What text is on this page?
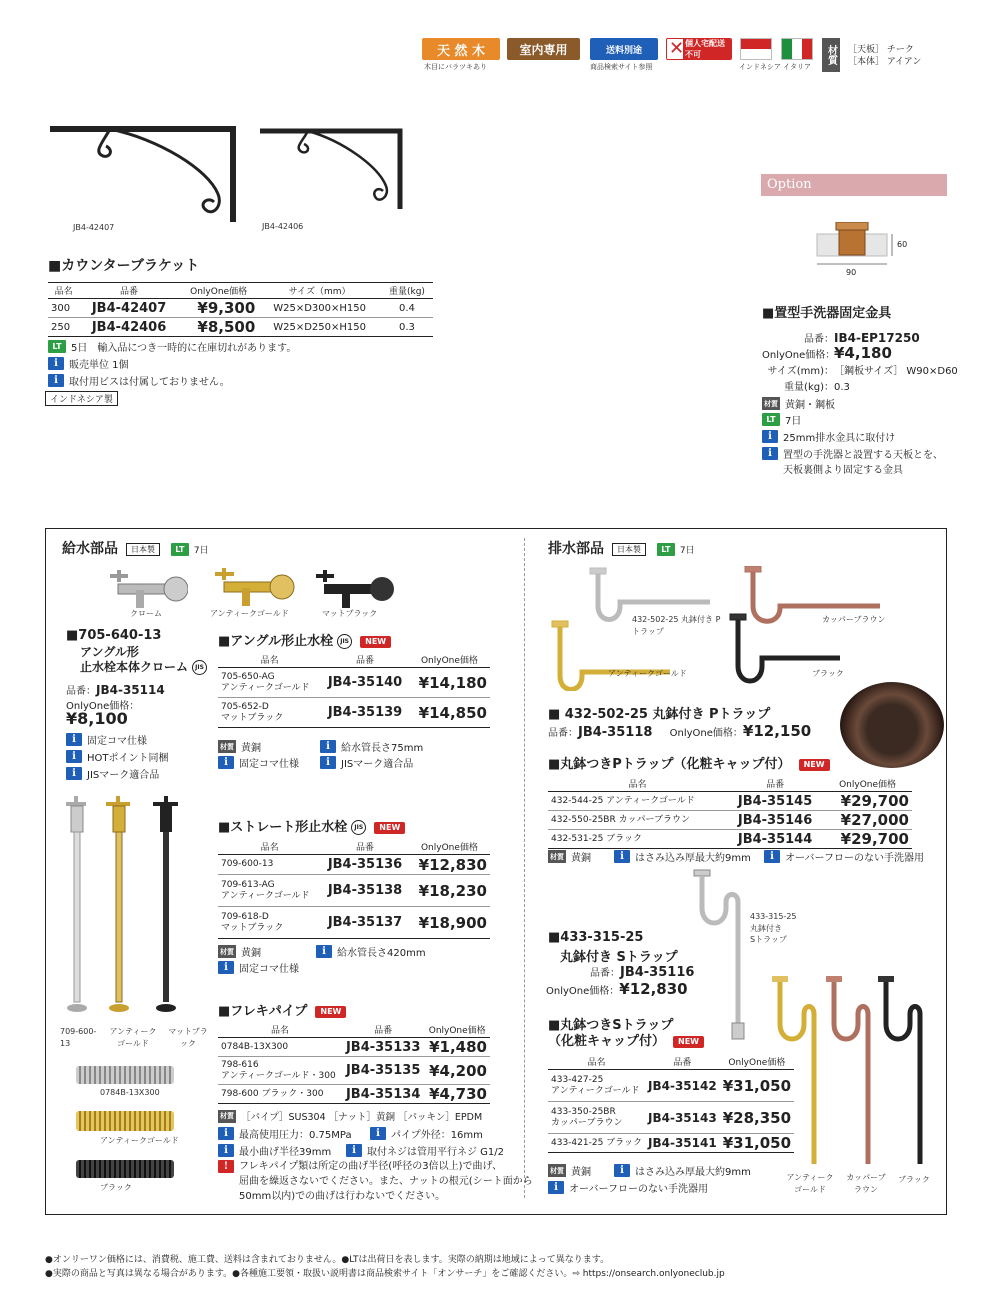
天 然 木
木目にバラツキあり
室内専用	送料別途
商品検索サイト参照
✕ 個人宅配送不可
インドネシア イタリア
材質	［天板］ チーク
［本体］ アイアン
JB4-42407	JB4-42406
■カウンターブラケット
品名	品番	OnlyOne価格	サイズ（mm）	重量(kg)
300	JB4-42407	¥9,300	W25×D300×H150	0.4
250	JB4-42406	¥8,500	W25×D250×H150	0.3
LT 5日　輸入品につき一時的に在庫切れがあります。
i	販売単位 1個
i	取付用ビスは付属しておりません。
インドネシア製
Option
60
90
■置型手洗器固定金具
品番：IB4-EP17250
OnlyOne価格：¥4,180
サイズ(mm)：［鋼板サイズ］ W90×D60
重量(kg)：0.3
材質 黄銅・鋼板
LT 7日
i	25mm排水金具に取付け
i	置型の手洗器と設置する天板とを、
天板裏側より固定する金具
給水部品 日本製	LT 7日
クローム	アンティークゴールド	マットブラック
■705-640-13
アングル形
止水栓本体クローム JIS
品番：JB4-35114
OnlyOne価格：
¥8,100
i	固定コマ仕様
i	HOTポイント同梱
i	JISマーク適合品
■アングル形止水栓 JIS NEW
品名	品番	OnlyOne価格

705-650-AG
アンティークゴールド	JB4-35140	¥14,180

705-652-D
マットブラック	JB4-35139	¥14,850
材質 黄銅	i	給水管長さ75mm
i	固定コマ仕様	i	JISマーク適合品
709-600-13
アンティークゴールド
マットブラック
0784B-13X300
アンティークゴールド
ブラック
■ストレート形止水栓 JIS NEW
品名	品番	OnlyOne価格
709-600-13	JB4-35136	¥12,830

709-613-AG
アンティークゴールド	JB4-35138	¥18,230

709-618-D
マットブラック	JB4-35137	¥18,900
材質 黄銅	i	給水管長さ420mm
i	固定コマ仕様
■フレキパイプ NEW
品名	品番	OnlyOne価格
0784B-13X300	JB4-35133	¥1,480

798-616
アンティークゴールド・300	JB4-35135	¥4,200
798-600 ブラック・300	JB4-35134	¥4,730
材質 ［パイプ］SUS304 ［ナット］黄銅 ［パッキン］EPDM
i	最高使用圧力：0.75MPa	i	パイプ外径：16mm
i	最小曲げ半径39mm	i	取付ネジは管用平行ネジ G1/2
!	フレキパイプ類は所定の曲げ半径(呼径の3倍以上)で曲げ、
屈曲を繰返さないでください。また、ナットの根元(シート面から
50mm以内)での曲げは行わないでください。
排水部品 日本製	LT 7日
432-502-25 丸鉢付き Pトラップ
カッパーブラウン
アンティークゴールド	ブラック
■ 432-502-25 丸鉢付き Pトラップ
品番：JB4-35118 OnlyOne価格：¥12,150
■丸鉢つきPトラップ（化粧キャップ付） NEW
品名	品番	OnlyOne価格
432-544-25 アンティークゴールド	JB4-35145	¥29,700
432-550-25BR カッパーブラウン	JB4-35146	¥27,000
432-531-25 ブラック	JB4-35144	¥29,700
材質 黄銅	i	はさみ込み厚最大約9mm	i	オーバーフローのない手洗器用
433-315-25
丸鉢付き
Sトラップ
■433-315-25
丸鉢付き Sトラップ
品番：JB4-35116
OnlyOne価格：¥12,830
■丸鉢つきSトラップ
（化粧キャップ付） NEW
品名	品番	OnlyOne価格

433-427-25
アンティークゴールド	JB4-35142	¥31,050

433-350-25BR
カッパーブラウン	JB4-35143	¥28,350
433-421-25 ブラック	JB4-35141	¥31,050
材質 黄銅	i	はさみ込み厚最大約9mm
i	オーバーフローのない手洗器用
アンティークゴールド
カッパーブラウン
ブラック
●オンリーワン価格には、消費税、施工費、送料は含まれておりません。●LTは出荷日を表します。実際の納期は地域によって異なります。
●実際の商品と写真は異なる場合があります。●各種施工要領・取扱い説明書は商品検索サイト「オンサーチ」をご確認ください。⇨ https://onsearch.onlyoneclub.jp
